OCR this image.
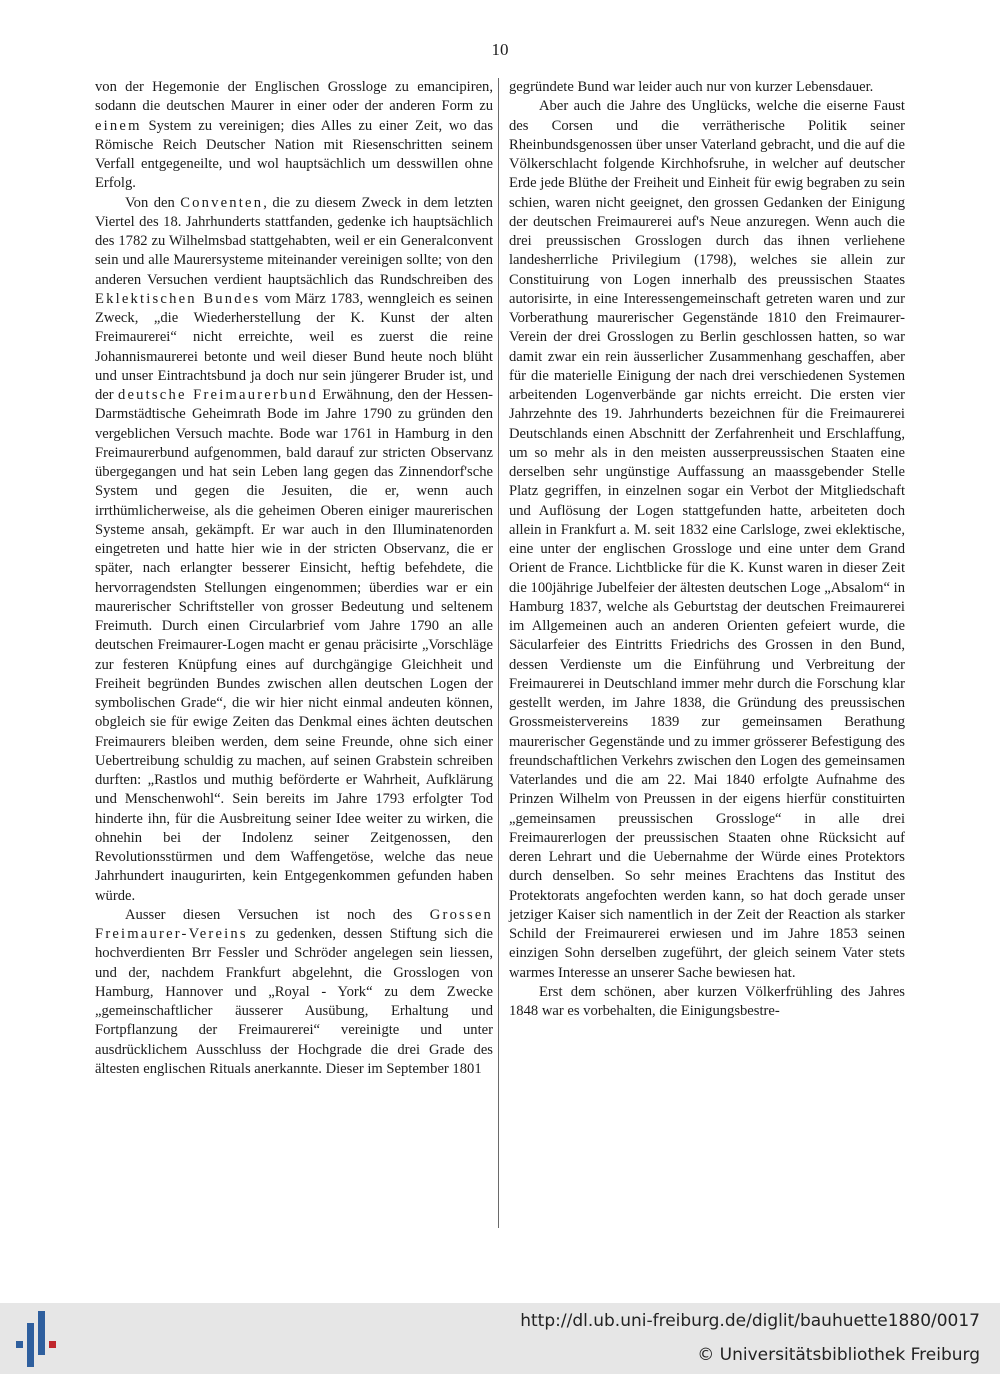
10

von der Hegemonie der Englischen Grossloge zu emancipiren, sodann die deutschen Maurer in einer oder der anderen Form zu einem System zu vereinigen; dies Alles zu einer Zeit, wo das Römische Reich Deutscher Nation mit Riesenschritten seinem Verfall entgegeneilte, und wol hauptsächlich um desswillen ohne Erfolg.

Von den Conventen, die zu diesem Zweck in dem letzten Viertel des 18. Jahrhunderts stattfanden, gedenke ich hauptsächlich des 1782 zu Wilhelmsbad stattgehabten, weil er ein Generalconvent sein und alle Maurersysteme miteinander vereinigen sollte; von den anderen Versuchen verdient hauptsächlich das Rundschreiben des Eklektischen Bundes vom März 1783, wenngleich es seinen Zweck, „die Wiederherstellung der K. Kunst der alten Freimaurerei“ nicht erreichte, weil es zuerst die reine Johannismaurerei betonte und weil dieser Bund heute noch blüht und unser Eintrachtsbund ja doch nur sein jüngerer Bruder ist, und der deutsche Freimaurerbund Erwähnung, den der Hessen-Darmstädtische Geheimrath Bode im Jahre 1790 zu gründen den vergeblichen Versuch machte. Bode war 1761 in Hamburg in den Freimaurerbund aufgenommen, bald darauf zur stricten Observanz übergegangen und hat sein Leben lang gegen das Zinnendorf'sche System und gegen die Jesuiten, die er, wenn auch irrthümlicherweise, als die geheimen Oberen einiger maurerischen Systeme ansah, gekämpft. Er war auch in den Illuminatenorden eingetreten und hatte hier wie in der stricten Observanz, die er später, nach erlangter besserer Einsicht, heftig befehdete, die hervorragendsten Stellungen eingenommen; überdies war er ein maurerischer Schriftsteller von grosser Bedeutung und seltenem Freimuth. Durch einen Circularbrief vom Jahre 1790 an alle deutschen Freimaurer-Logen macht er genau präcisirte „Vorschläge zur festeren Knüpfung eines auf durchgängige Gleichheit und Freiheit begründen Bundes zwischen allen deutschen Logen der symbolischen Grade“, die wir hier nicht einmal andeuten können, obgleich sie für ewige Zeiten das Denkmal eines ächten deutschen Freimaurers bleiben werden, dem seine Freunde, ohne sich einer Uebertreibung schuldig zu machen, auf seinen Grabstein schreiben durften: „Rastlos und muthig beförderte er Wahrheit, Aufklärung und Menschenwohl“. Sein bereits im Jahre 1793 erfolgter Tod hinderte ihn, für die Ausbreitung seiner Idee weiter zu wirken, die ohnehin bei der Indolenz seiner Zeitgenossen, den Revolutionsstürmen und dem Waffengetöse, welche das neue Jahrhundert inaugurirten, kein Entgegenkommen gefunden haben würde.

Ausser diesen Versuchen ist noch des Grossen Freimaurer-Vereins zu gedenken, dessen Stiftung sich die hochverdienten Brr Fessler und Schröder angelegen sein liessen, und der, nachdem Frankfurt abgelehnt, die Grosslogen von Hamburg, Hannover und „Royal - York“ zu dem Zwecke „gemeinschaftlicher äusserer Ausübung, Erhaltung und Fortpflanzung der Freimaurerei“ vereinigte und unter ausdrücklichem Ausschluss der Hochgrade die drei Grade des ältesten englischen Rituals anerkannte. Dieser im September 1801

gegründete Bund war leider auch nur von kurzer Lebensdauer.

Aber auch die Jahre des Unglücks, welche die eiserne Faust des Corsen und die verrätherische Politik seiner Rheinbundsgenossen über unser Vaterland gebracht, und die auf die Völkerschlacht folgende Kirchhofsruhe, in welcher auf deutscher Erde jede Blüthe der Freiheit und Einheit für ewig begraben zu sein schien, waren nicht geeignet, den grossen Gedanken der Einigung der deutschen Freimaurerei auf's Neue anzuregen. Wenn auch die drei preussischen Grosslogen durch das ihnen verliehene landesherrliche Privilegium (1798), welches sie allein zur Constituirung von Logen innerhalb des preussischen Staates autorisirte, in eine Interessengemeinschaft getreten waren und zur Vorberathung maurerischer Gegenstände 1810 den Freimaurer-Verein der drei Grosslogen zu Berlin geschlossen hatten, so war damit zwar ein rein äusserlicher Zusammenhang geschaffen, aber für die materielle Einigung der nach drei verschiedenen Systemen arbeitenden Logenverbände gar nichts erreicht. Die ersten vier Jahrzehnte des 19. Jahrhunderts bezeichnen für die Freimaurerei Deutschlands einen Abschnitt der Zerfahrenheit und Erschlaffung, um so mehr als in den meisten ausserpreussischen Staaten eine derselben sehr ungünstige Auffassung an maassgebender Stelle Platz gegriffen, in einzelnen sogar ein Verbot der Mitgliedschaft und Auflösung der Logen stattgefunden hatte, arbeiteten doch allein in Frankfurt a. M. seit 1832 eine Carlsloge, zwei eklektische, eine unter der englischen Grossloge und eine unter dem Grand Orient de France. Lichtblicke für die K. Kunst waren in dieser Zeit die 100jährige Jubelfeier der ältesten deutschen Loge „Absalom“ in Hamburg 1837, welche als Geburtstag der deutschen Freimaurerei im Allgemeinen auch an anderen Orienten gefeiert wurde, die Säcularfeier des Eintritts Friedrichs des Grossen in den Bund, dessen Verdienste um die Einführung und Verbreitung der Freimaurerei in Deutschland immer mehr durch die Forschung klar gestellt werden, im Jahre 1838, die Gründung des preussischen Grossmeistervereins 1839 zur gemeinsamen Berathung maurerischer Gegenstände und zu immer grösserer Befestigung des freundschaftlichen Verkehrs zwischen den Logen des gemeinsamen Vaterlandes und die am 22. Mai 1840 erfolgte Aufnahme des Prinzen Wilhelm von Preussen in der eigens hierfür constituirten „gemeinsamen preussischen Grossloge“ in alle drei Freimaurerlogen der preussischen Staaten ohne Rücksicht auf deren Lehrart und die Uebernahme der Würde eines Protektors durch denselben. So sehr meines Erachtens das Institut des Protektorats angefochten werden kann, so hat doch gerade unser jetziger Kaiser sich namentlich in der Zeit der Reaction als starker Schild der Freimaurerei erwiesen und im Jahre 1853 seinen einzigen Sohn derselben zugeführt, der gleich seinem Vater stets warmes Interesse an unserer Sache bewiesen hat.

Erst dem schönen, aber kurzen Völkerfrühling des Jahres 1848 war es vorbehalten, die Einigungsbestre-

http://dl.ub.uni-freiburg.de/diglit/bauhuette1880/0017
© Universitätsbibliothek Freiburg
